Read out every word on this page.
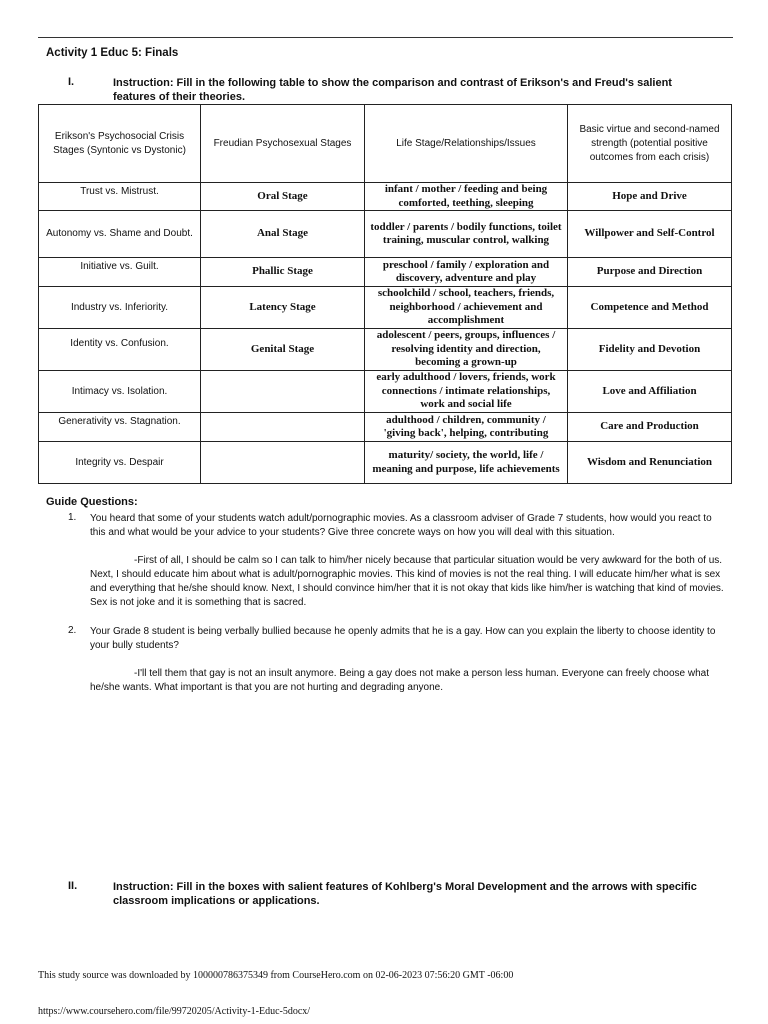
Activity 1 Educ 5: Finals
I.	Instruction: Fill in the following table to show the comparison and contrast of Erikson's and Freud's salient features of their theories.
Erikson's Psychosocial Crisis Stages (Syntonic vs Dystonic)	Freudian Psychosexual Stages	Life Stage/Relationships/Issues	Basic virtue and second-named strength (potential positive outcomes from each crisis)
Trust vs. Mistrust.	Oral Stage	infant / mother / feeding and being comforted, teething, sleeping	Hope and Drive

Autonomy vs. Shame and Doubt.	Anal Stage	toddler / parents / bodily functions, toilet training, muscular control, walking	Willpower and Self-Control
Initiative vs. Guilt.	Phallic Stage	preschool / family / exploration and discovery, adventure and play	Purpose and Direction
Industry vs. Inferiority.	Latency Stage	schoolchild / school, teachers, friends, neighborhood / achievement and accomplishment	Competence and Method
Identity vs. Confusion.	Genital Stage	adolescent / peers, groups, influences / resolving identity and direction, becoming a grown-up	Fidelity and Devotion
Intimacy vs. Isolation.		early adulthood / lovers, friends, work connections / intimate relationships, work and social life	Love and Affiliation
Generativity vs. Stagnation.		adulthood / children, community / 'giving back', helping, contributing	Care and Production
Integrity vs. Despair		maturity/ society, the world, life / meaning and purpose, life achievements	Wisdom and Renunciation
Guide Questions:
1. You heard that some of your students watch adult/pornographic movies. As a classroom adviser of Grade 7 students, how would you react to this and what would be your advice to your students? Give three concrete ways on how you will deal with this situation.
-First of all, I should be calm so I can talk to him/her nicely because that particular situation would be very awkward for the both of us. Next, I should educate him about what is adult/pornographic movies. This kind of movies is not the real thing. I will educate him/her what is sex and everything that he/she should know. Next, I should convince him/her that it is not okay that kids like him/her is watching that kind of movies. Sex is not joke and it is something that is sacred.
2. Your Grade 8 student is being verbally bullied because he openly admits that he is a gay. How can you explain the liberty to choose identity to your bully students?
-I'll tell them that gay is not an insult anymore. Being a gay does not make a person less human. Everyone can freely choose what he/she wants. What important is that you are not hurting and degrading anyone.
II.	Instruction: Fill in the boxes with salient features of Kohlberg's Moral Development and the arrows with specific classroom implications or applications.
This study source was downloaded by 100000786375349 from CourseHero.com on 02-06-2023 07:56:20 GMT -06:00
https://www.coursehero.com/file/99720205/Activity-1-Educ-5docx/
